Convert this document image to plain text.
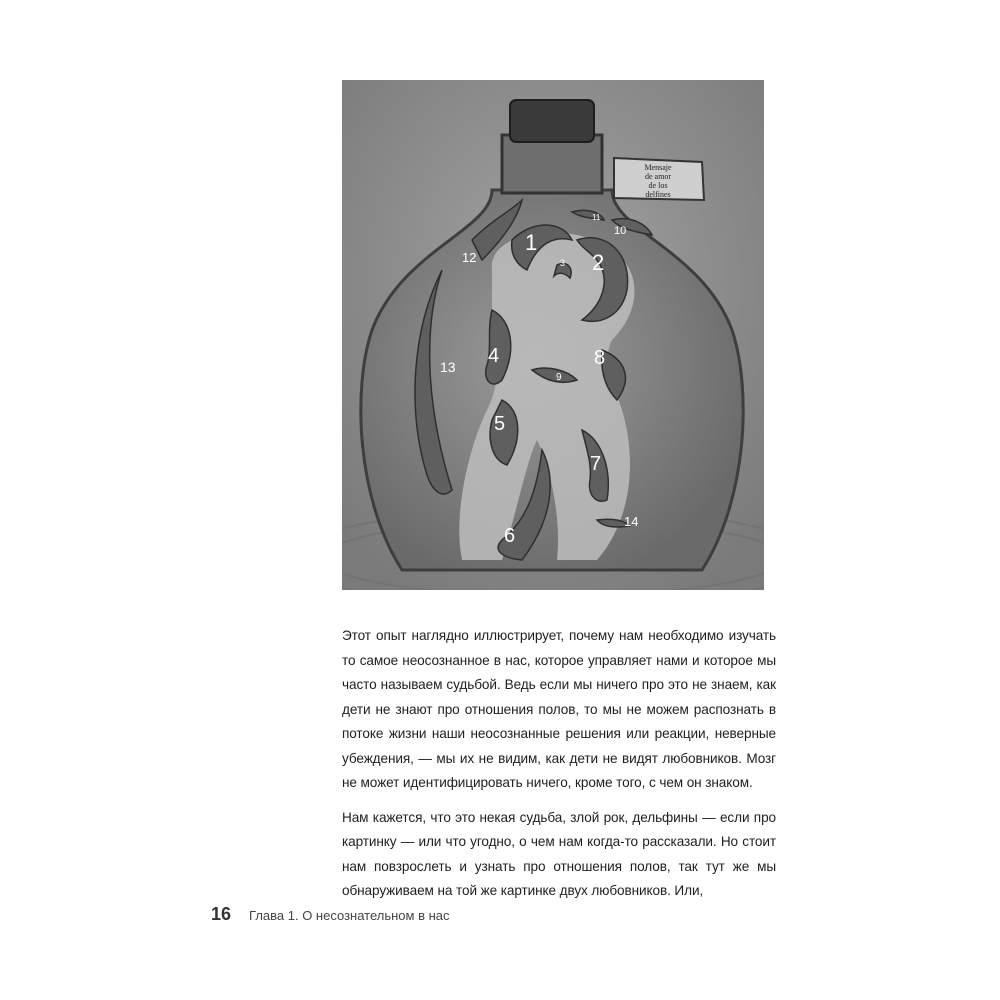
Mensaje
de amor
de los
delfines
1
2
3
4
5
6
7
8
9
10
11
12
13
14

Этот опыт наглядно иллюстрирует, почему нам необходимо изучать то самое неосознанное в нас, которое управляет нами и которое мы часто называем судьбой. Ведь если мы ничего про это не знаем, как дети не знают про отношения полов, то мы не можем распознать в потоке жизни наши неосознанные решения или реакции, неверные убеждения, — мы их не видим, как дети не видят любовников. Мозг не может идентифицировать ничего, кроме того, с чем он знаком.

Нам кажется, что это некая судьба, злой рок, дельфины — если про картинку — или что угодно, о чем нам когда-то рассказали. Но стоит нам повзрослеть и узнать про отношения полов, так тут же мы обнаруживаем на той же картинке двух любовников. Или,

16 Глава 1. О несознательном в нас
